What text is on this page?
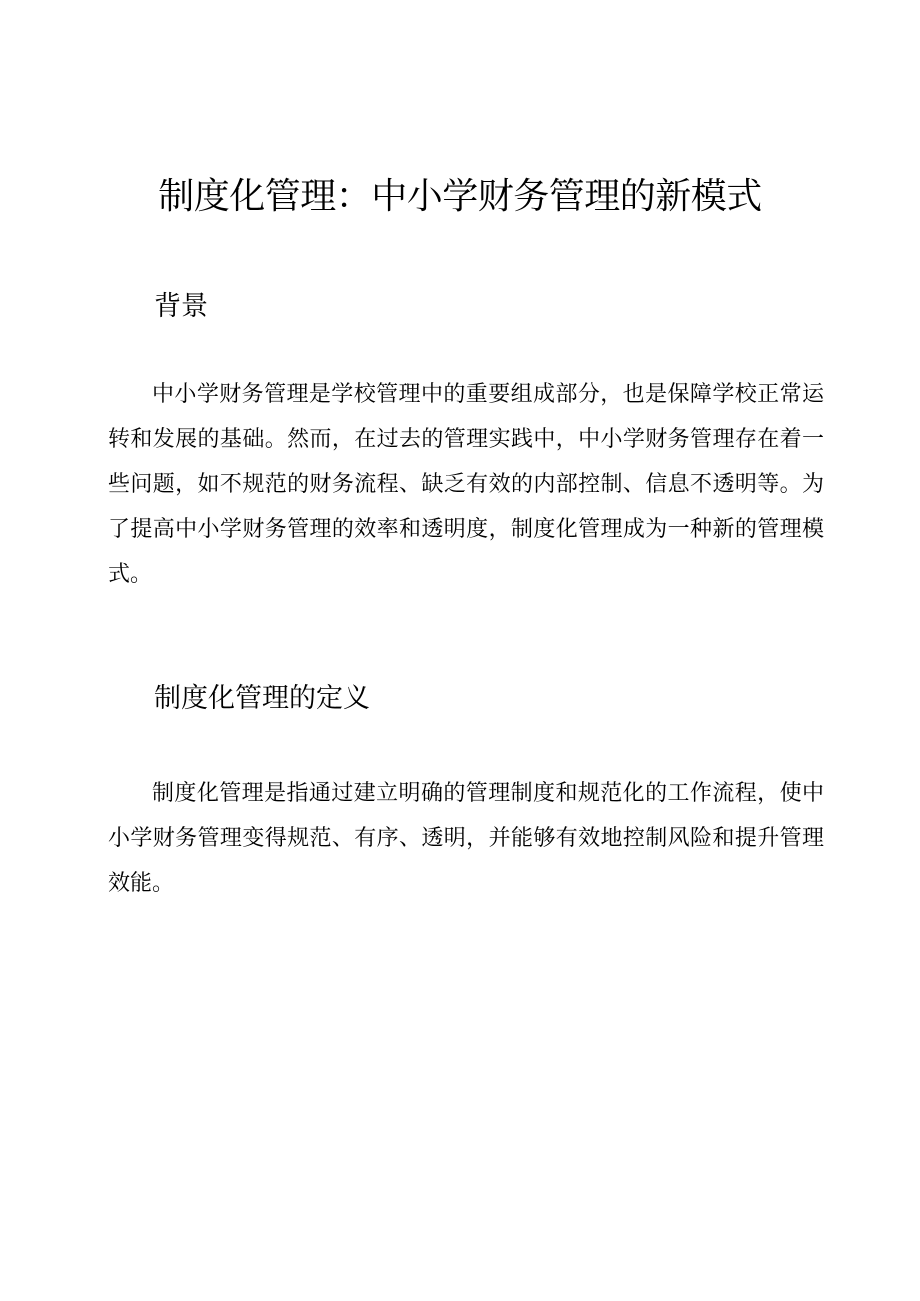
制度化管理：中小学财务管理的新模式
背景

中小学财务管理是学校管理中的重要组成部分，也是保障学校正常运转和发展的基础。然而，在过去的管理实践中，中小学财务管理存在着一些问题，如不规范的财务流程、缺乏有效的内部控制、信息不透明等。为了提高中小学财务管理的效率和透明度，制度化管理成为一种新的管理模式。

制度化管理的定义

制度化管理是指通过建立明确的管理制度和规范化的工作流程，使中小学财务管理变得规范、有序、透明，并能够有效地控制风险和提升管理效能。
